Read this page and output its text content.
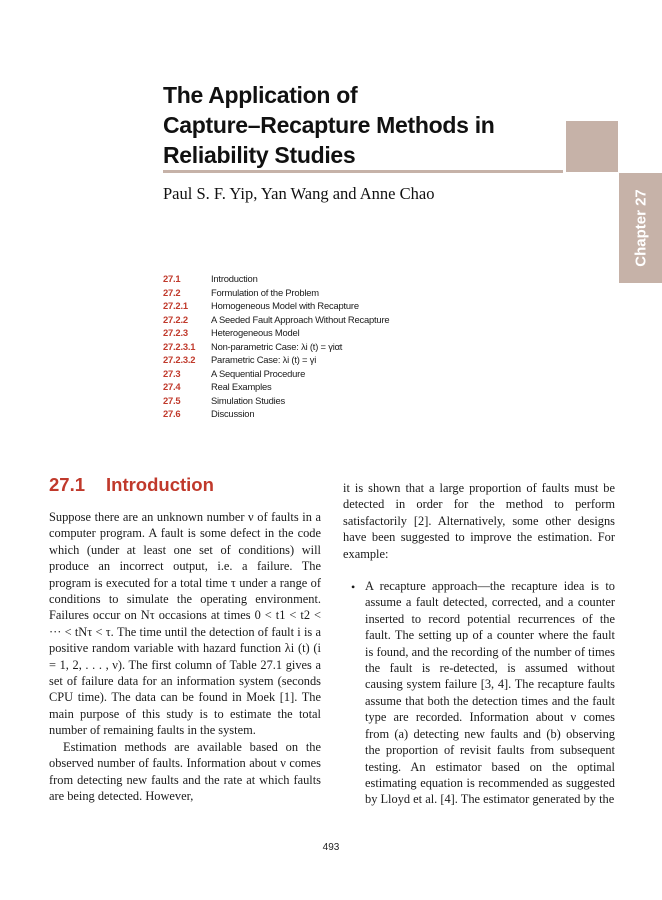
The Application of
Capture–Recapture Methods in
Reliability Studies
Chapter 27
Paul S. F. Yip, Yan Wang and Anne Chao
27.1	Introduction
27.2	Formulation of the Problem
27.2.1 Homogeneous Model with Recapture
27.2.2 A Seeded Fault Approach Without Recapture
27.2.3 Heterogeneous Model
27.2.3.1 Non-parametric Case: λi (t) = γiαt
27.2.3.2 Parametric Case: λi (t) = γi
27.3	A Sequential Procedure
27.4	Real Examples
27.5	Simulation Studies
27.6	Discussion
27.1 Introduction

Suppose there are an unknown number ν of faults in a computer program. A fault is some defect in the code which (under at least one set of conditions) will produce an incorrect output, i.e. a failure. The program is executed for a total time τ under a range of conditions to simulate the operating environment. Failures occur on Nτ occasions at times 0 < t1 < t2 < ··· < tNτ < τ. The time until the detection of fault i is a positive random variable with hazard function λi (t) (i = 1, 2, . . . , ν). The first column of Table 27.1 gives a set of failure data for an information system (seconds CPU time). The data can be found in Moek [1]. The main purpose of this study is to estimate the total number of remaining faults in the system.

Estimation methods are available based on the observed number of faults. Information about ν comes from detecting new faults and the rate at which faults are being detected. However,

it is shown that a large proportion of faults must be detected in order for the method to perform satisfactorily [2]. Alternatively, some other designs have been suggested to improve the estimation. For example:

• A recapture approach—the recapture idea is to assume a fault detected, corrected, and a counter inserted to record potential recurrences of the fault. The setting up of a counter where the fault is found, and the recording of the number of times the fault is re-detected, is assumed without causing system failure [3, 4]. The recapture faults assume that both the detection times and the fault type are recorded. Information about ν comes from (a) detecting new faults and (b) observing the proportion of revisit faults from subsequent testing. An estimator based on the optimal estimating equation is recommended as suggested by Lloyd et al. [4]. The estimator generated by the

493
